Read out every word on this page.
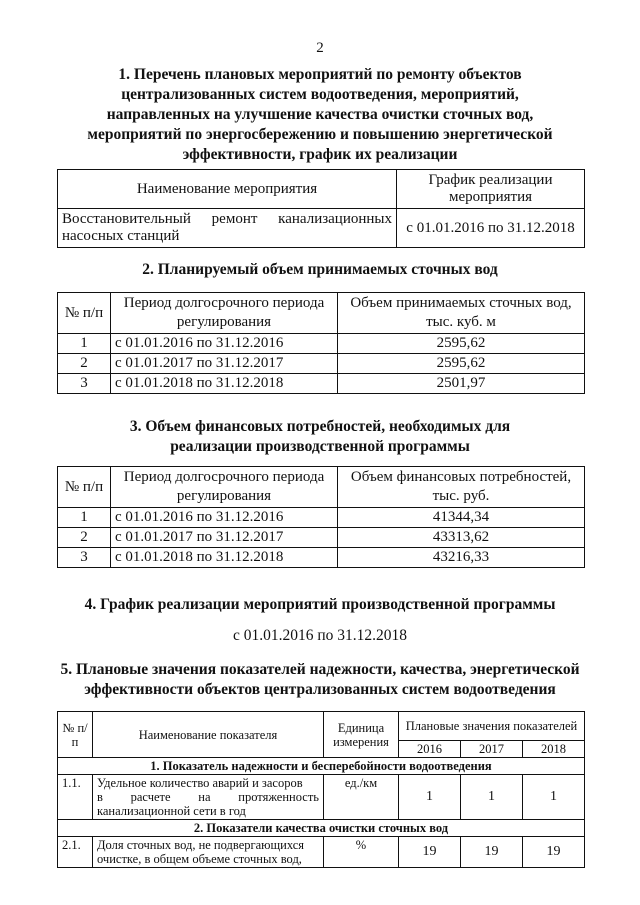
2
1. Перечень плановых мероприятий по ремонту объектов
централизованных систем водоотведения, мероприятий,
направленных на улучшение качества очистки сточных вод,
мероприятий по энергосбережению и повышению энергетической
эффективности, график их реализации
Наименование мероприятия	График реализации мероприятия

Восстановительный ремонт канализационных
насосных станций	с 01.01.2016 по 31.12.2018
2. Планируемый объем принимаемых сточных вод
№ п/п	Период долгосрочного периода регулирования	Объем принимаемых сточных вод, тыс. куб. м
1	с 01.01.2016 по 31.12.2016	2595,62
2	с 01.01.2017 по 31.12.2017	2595,62
3	с 01.01.2018 по 31.12.2018	2501,97
3. Объем финансовых потребностей, необходимых для
реализации производственной программы
№ п/п	Период долгосрочного периода регулирования	Объем финансовых потребностей, тыс. руб.
1	с 01.01.2016 по 31.12.2016	41344,34
2	с 01.01.2017 по 31.12.2017	43313,62
3	с 01.01.2018 по 31.12.2018	43216,33
4. График реализации мероприятий производственной программы
с 01.01.2016 по 31.12.2018
5. Плановые значения показателей надежности, качества, энергетической
эффективности объектов централизованных систем водоотведения
№ п/п	Наименование показателя	Единица измерения	Плановые значения показателей		
			2016	2017	2018
1. Показатель надежности и бесперебойности водоотведения					
1.1.	Удельное количество аварий и засоров
в расчете на протяженность
канализационной сети в год	ед./км	1	1	1
2. Показатели качества очистки сточных вод					
2.1.	Доля сточных вод, не подвергающихся
очистке, в общем объеме сточных вод,	%	19	19	19
